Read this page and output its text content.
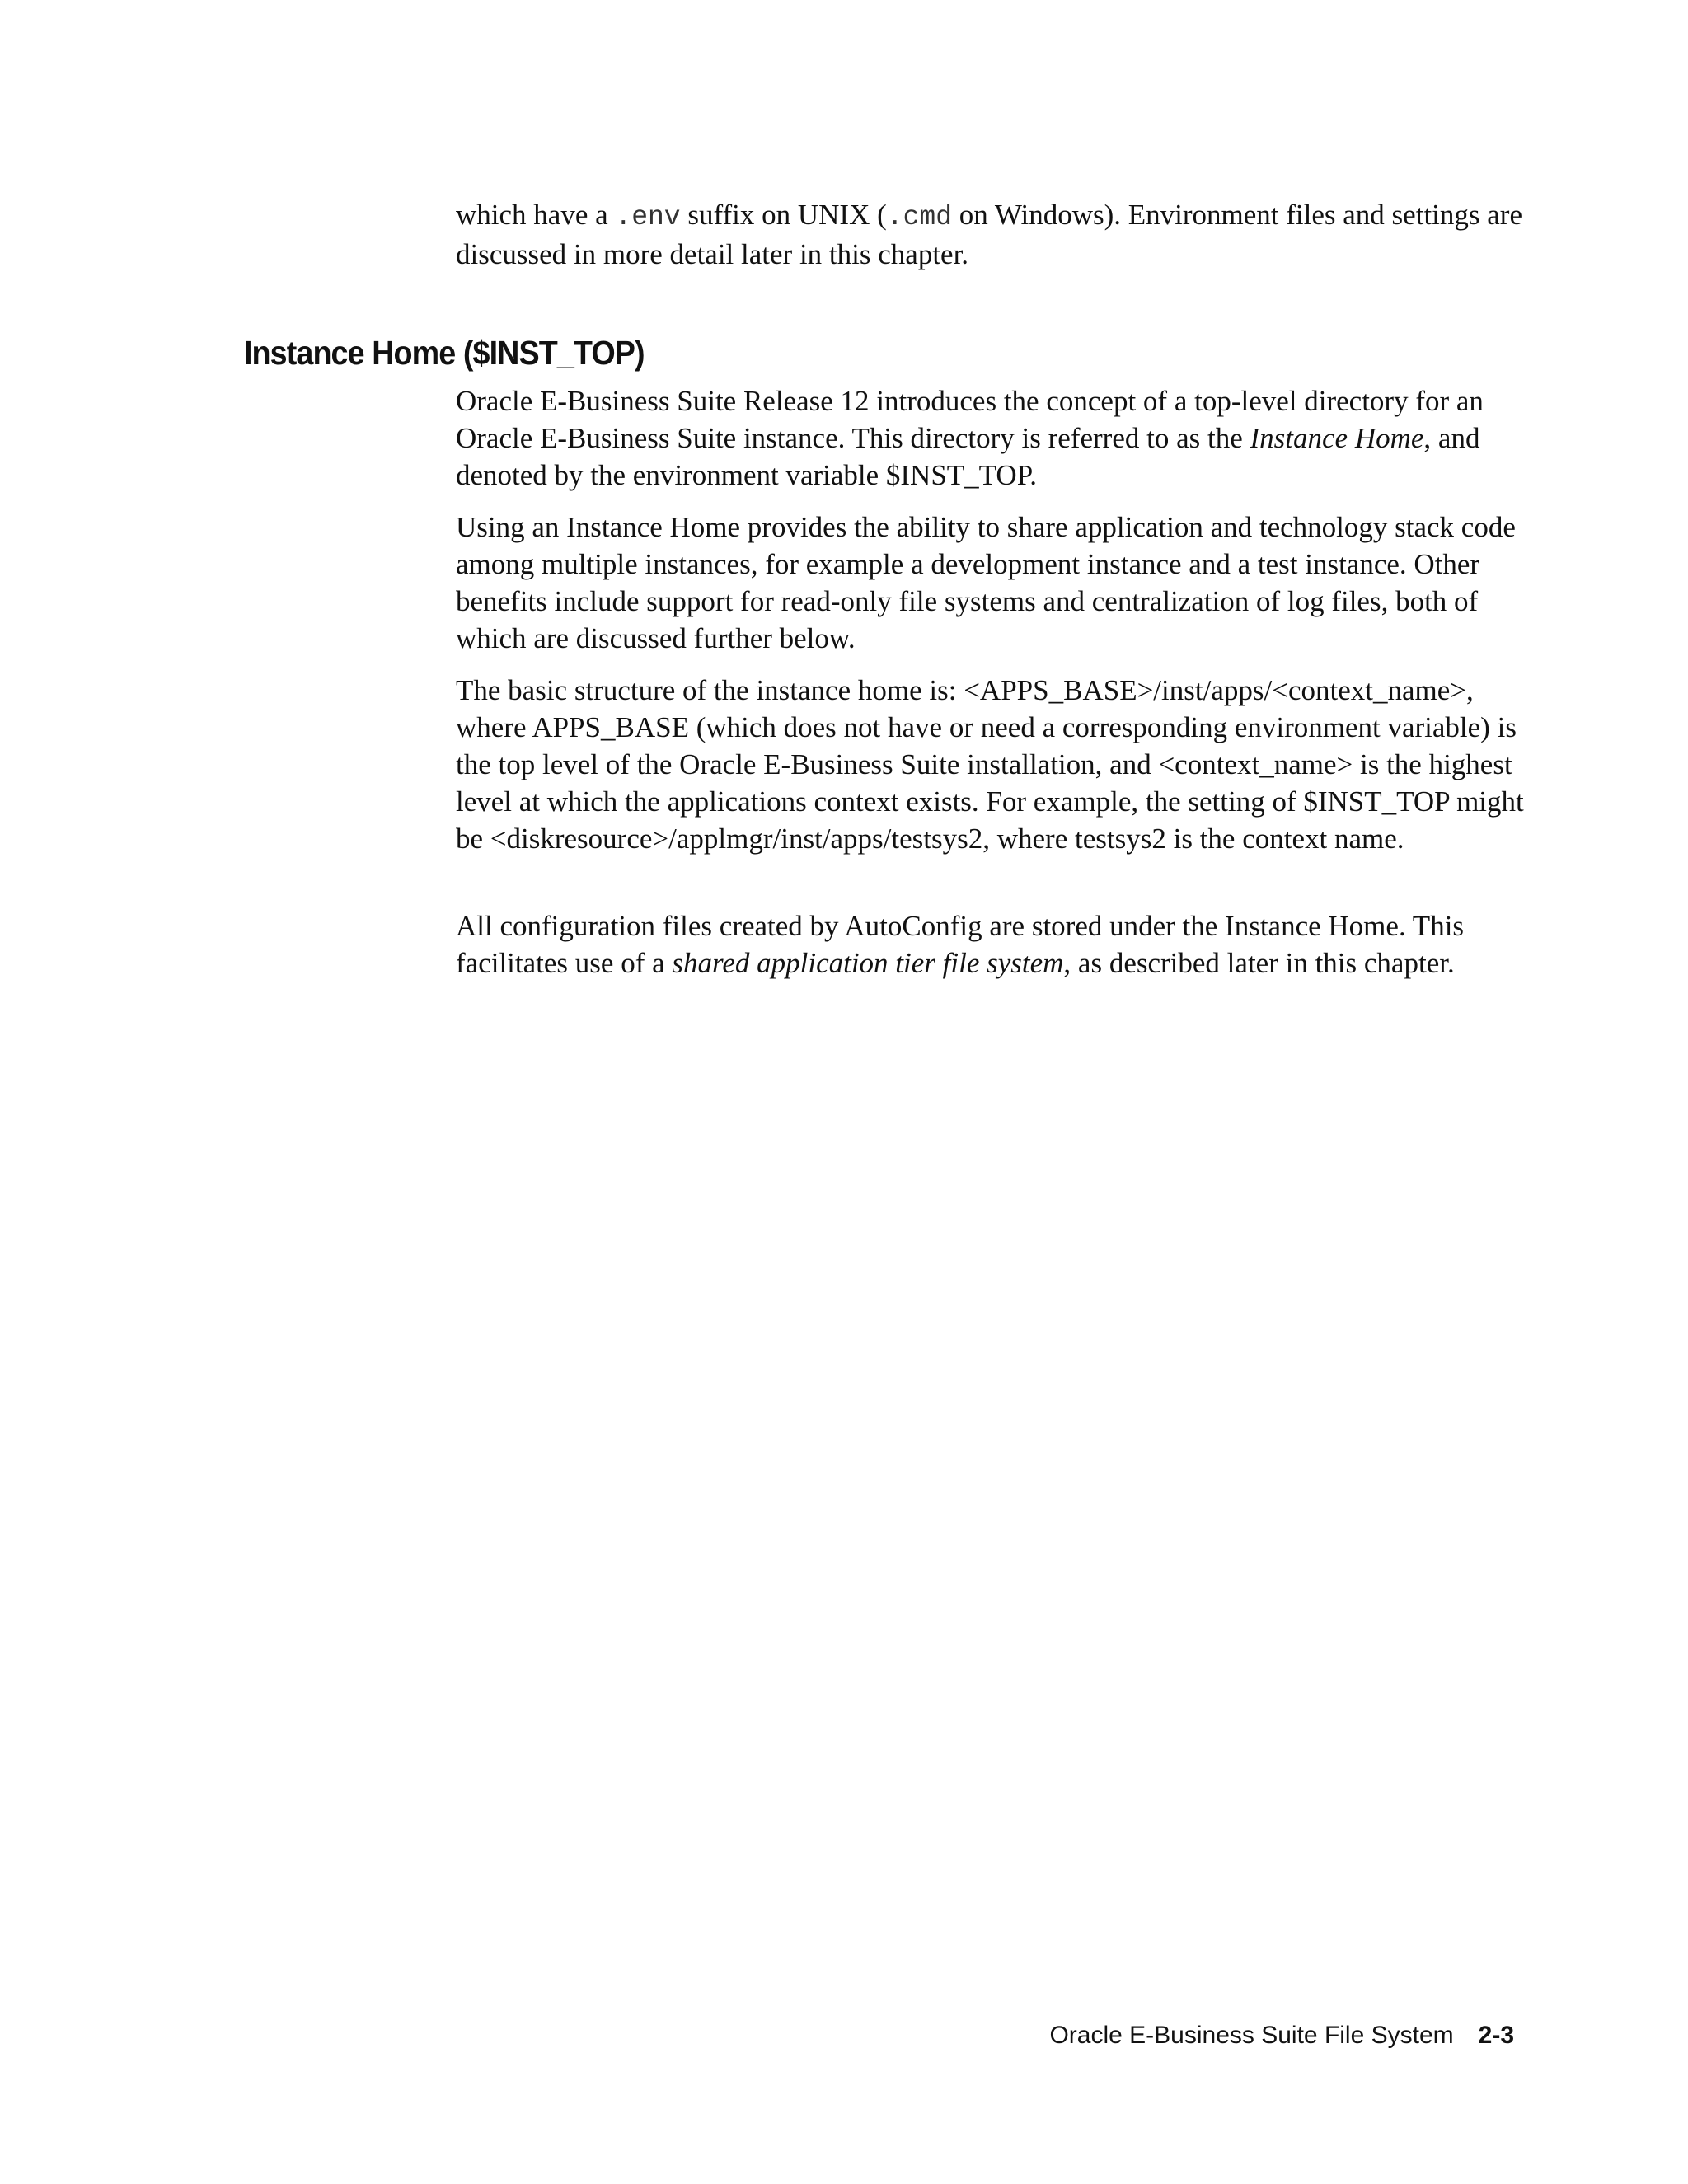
which have a .env suffix on UNIX (.cmd on Windows). Environment files and settings are discussed in more detail later in this chapter.

Instance Home ($INST_TOP)

Oracle E-Business Suite Release 12 introduces the concept of a top-level directory for an Oracle E-Business Suite instance. This directory is referred to as the Instance Home, and denoted by the environment variable $INST_TOP.

Using an Instance Home provides the ability to share application and technology stack code among multiple instances, for example a development instance and a test instance. Other benefits include support for read-only file systems and centralization of log files, both of which are discussed further below.

The basic structure of the instance home is: <APPS_BASE>/inst/apps/<context_name>, where APPS_BASE (which does not have or need a corresponding environment variable) is the top level of the Oracle E-Business Suite installation, and <context_name> is the highest level at which the applications context exists. For example, the setting of $INST_TOP might be <diskresource>/applmgr/inst/apps/testsys2, where testsys2 is the context name.

All configuration files created by AutoConfig are stored under the Instance Home. This facilitates use of a shared application tier file system, as described later in this chapter.

Oracle E-Business Suite File System 2-3
